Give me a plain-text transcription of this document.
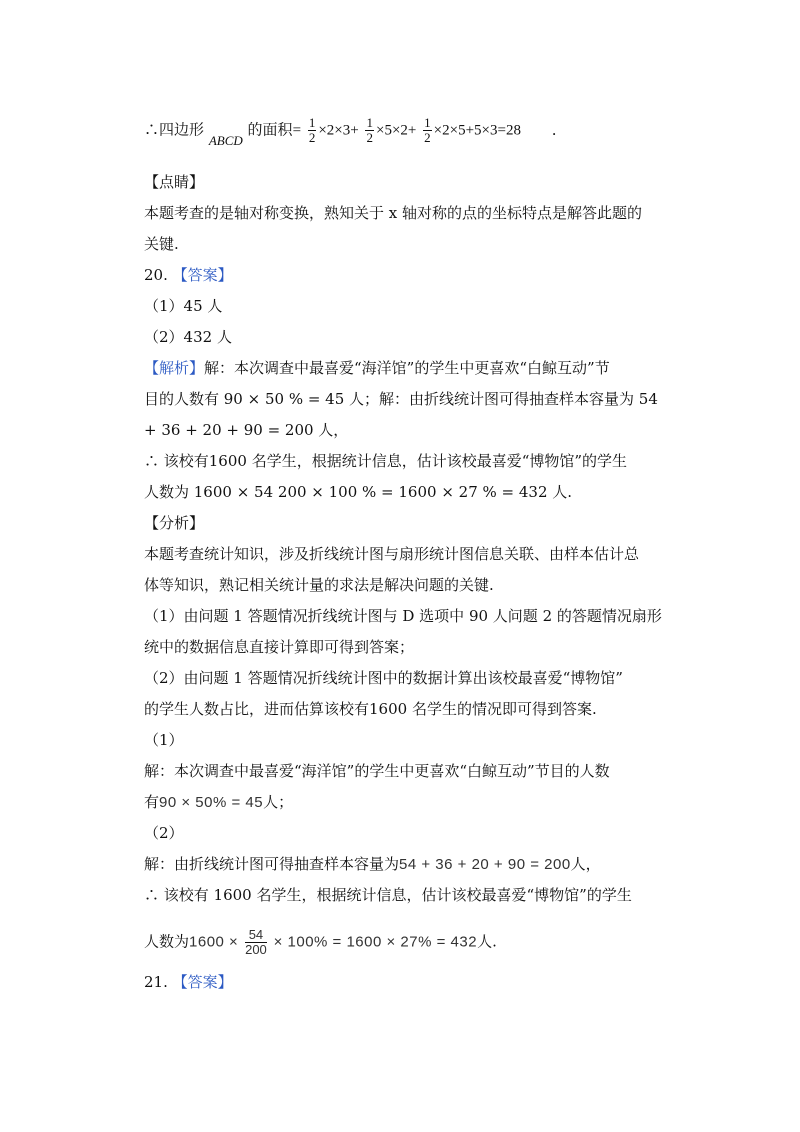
∴四边形 ABCD 的面积= $\frac{1}{2} \times 2\times 3+ \frac{1}{2} \times 5\times 2+ \frac{1}{2} \times 2\times 5+5\times 3=28$ .
【点睛】
本题考查的是轴对称变换，熟知关于 x 轴对称的点的坐标特点是解答此题的
关键.
20. 【答案】
（1）45 人
（2）432 人
【解析】解：本次调查中最喜爱“海洋馆”的学生中更喜欢“白鲸互动”节
目的人数有 90 × 50 % = 45 人；解：由折线统计图可得抽查样本容量为 54
+ 36 + 20 + 90 = 200 人，
∴ 该校有1600 名学生，根据统计信息，估计该校最喜爱“博物馆”的学生
人数为 1600 × 54 200 × 100 % = 1600 × 27 % = 432 人.
【分析】
本题考查统计知识，涉及折线统计图与扇形统计图信息关联、由样本估计总
体等知识，熟记相关统计量的求法是解决问题的关键.
（1）由问题 1 答题情况折线统计图与 D 选项中 90 人问题 2 的答题情况扇形
统中的数据信息直接计算即可得到答案；
（2）由问题 1 答题情况折线统计图中的数据计算出该校最喜爱“博物馆”
的学生人数占比，进而估算该校有1600 名学生的情况即可得到答案.
（1）
解：本次调查中最喜爱“海洋馆”的学生中更喜欢“白鲸互动”节目的人数
有90 × 50% = 45人；
（2）
解：由折线统计图可得抽查样本容量为54 + 36 + 20 + 90 = 200人，
∴ 该校有 1600 名学生，根据统计信息，估计该校最喜爱“博物馆”的学生
人数为$1600 \times \frac{54}{200} \times 100\% = 1600 \times 27\% = 432$人.
21. 【答案】
